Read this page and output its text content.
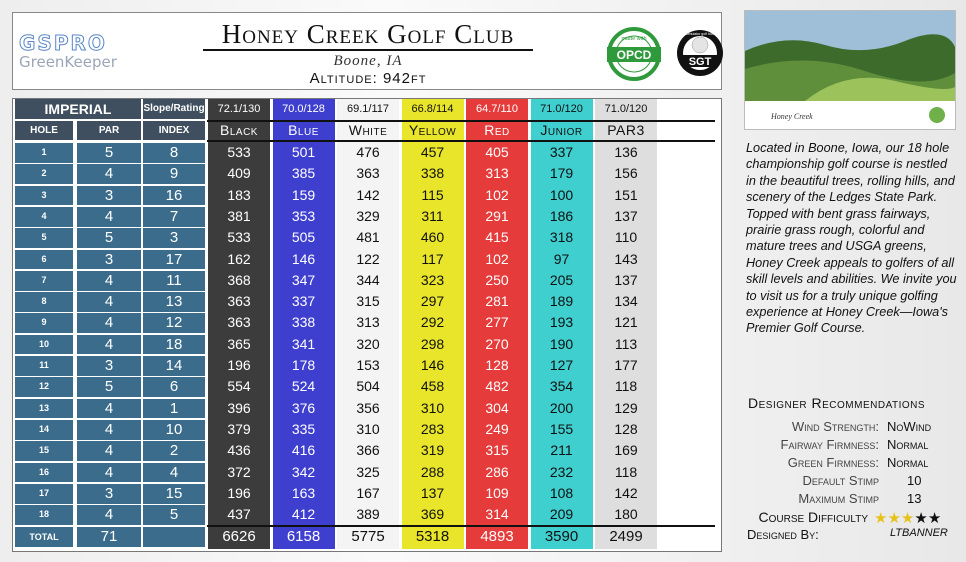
GSPRO
GreenKeeper
Honey Creek Golf Club
Boone, IA
Altitude: 942ft
OPCD
made with
SGT
simulator golf tour
IMPERIAL	Slope/Rating
HOLE
1
2
3
4
5
6
7
8
9
10
11
12
13
14
15
16
17
18
TOTAL
PAR
5
4
3
4
5
3
4
4
4
4
3
5
4
4
4
4
3
4
71
INDEX
8
9
16
7
3
17
11
13
12
18
14
6
1
10
2
4
15
5
72.1/130
Black
533
409
183
381
533
162
368
363
363
365
196
554
396
379
436
372
196
437
6626
70.0/128
Blue
501
385
159
353
505
146
347
337
338
341
178
524
376
335
416
342
163
412
6158
69.1/117
White
476
363
142
329
481
122
344
315
313
320
153
504
356
310
366
325
167
389
5775
66.8/114
Yellow
457
338
115
311
460
117
323
297
292
298
146
458
310
283
319
288
137
369
5318
64.7/110
Red
405
313
102
291
415
102
250
281
277
270
128
482
304
249
315
286
109
314
4893
71.0/120
Junior
337
179
100
186
318
97
205
189
193
190
127
354
200
155
211
232
108
209
3590
71.0/120
PAR3
136
156
151
137
110
143
137
134
121
113
177
118
129
128
169
118
142
180
2499
Honey Creek
Located in Boone, Iowa, our 18 hole championship golf course is nestled in the beautiful trees, rolling hills, and scenery of the Ledges State Park. Topped with bent grass fairways, prairie grass rough, colorful and mature trees and USGA greens, Honey Creek appeals to golfers of all skill levels and abilities. We invite you to visit us for a truly unique golfing experience at Honey Creek—Iowa's Premier Golf Course.
Designer Recommendations
Wind Strength: NoWind
Fairway Firmness: Normal
Green Firmness: Normal
Default Stimp 10
Maximum Stimp 13
Course Difficulty ★★★★★
Designed By:	LTBANNER
